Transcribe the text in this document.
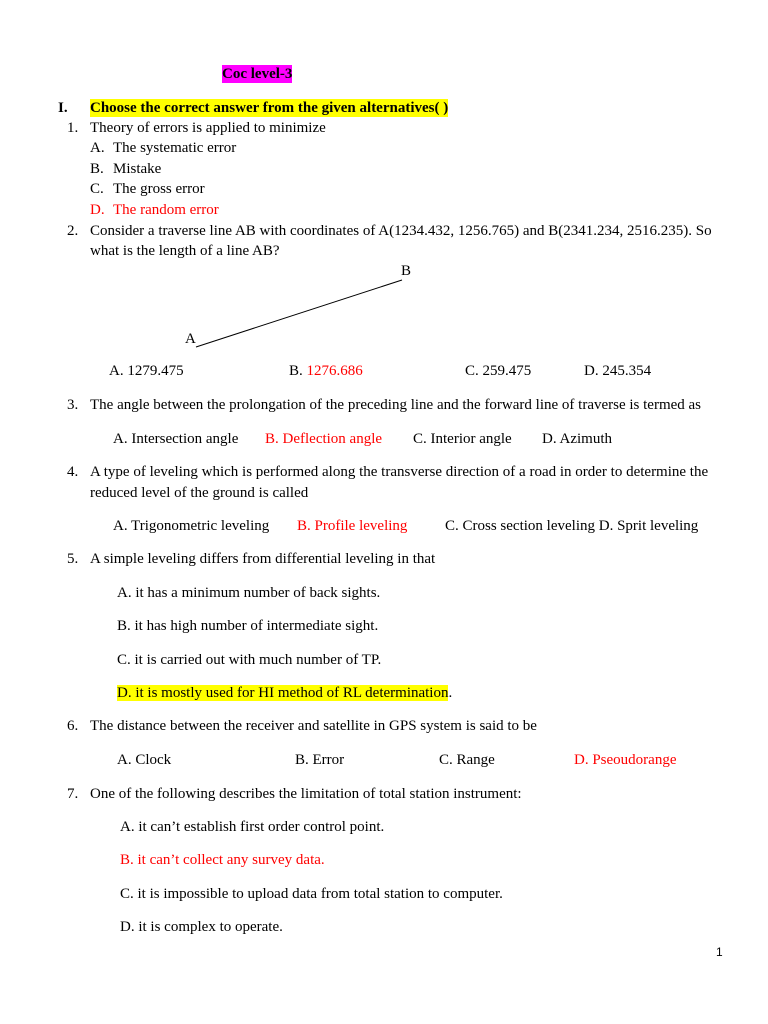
Coc level-3
I. Choose the correct answer from the given alternatives( )
1. Theory of errors is applied to minimize
A. The systematic error
B. Mistake
C. The gross error
D. The random error
2. Consider a traverse line AB with coordinates of A(1234.432, 1256.765) and B(2341.234, 2516.235). So
what is the length of a line AB?
B
A
A. 1279.475	B. 1276.686	C. 259.475	D. 245.354
3. The angle between the prolongation of the preceding line and the forward line of traverse is termed as
A. Intersection angle B. Deflection angle C. Interior angle D. Azimuth
4. A type of leveling which is performed along the transverse direction of a road in order to determine the
reduced level of the ground is called
A. Trigonometric leveling B. Profile leveling	C. Cross section leveling D. Sprit leveling
5. A simple leveling differs from differential leveling in that
A. it has a minimum number of back sights.
B. it has high number of intermediate sight.
C. it is carried out with much number of TP.
D. it is mostly used for HI method of RL determination.
6. The distance between the receiver and satellite in GPS system is said to be
A. Clock	B. Error	C. Range	D. Pseoudorange
7. One of the following describes the limitation of total station instrument:
A. it can’t establish first order control point.
B. it can’t collect any survey data.
C. it is impossible to upload data from total station to computer.
D. it is complex to operate.
1
